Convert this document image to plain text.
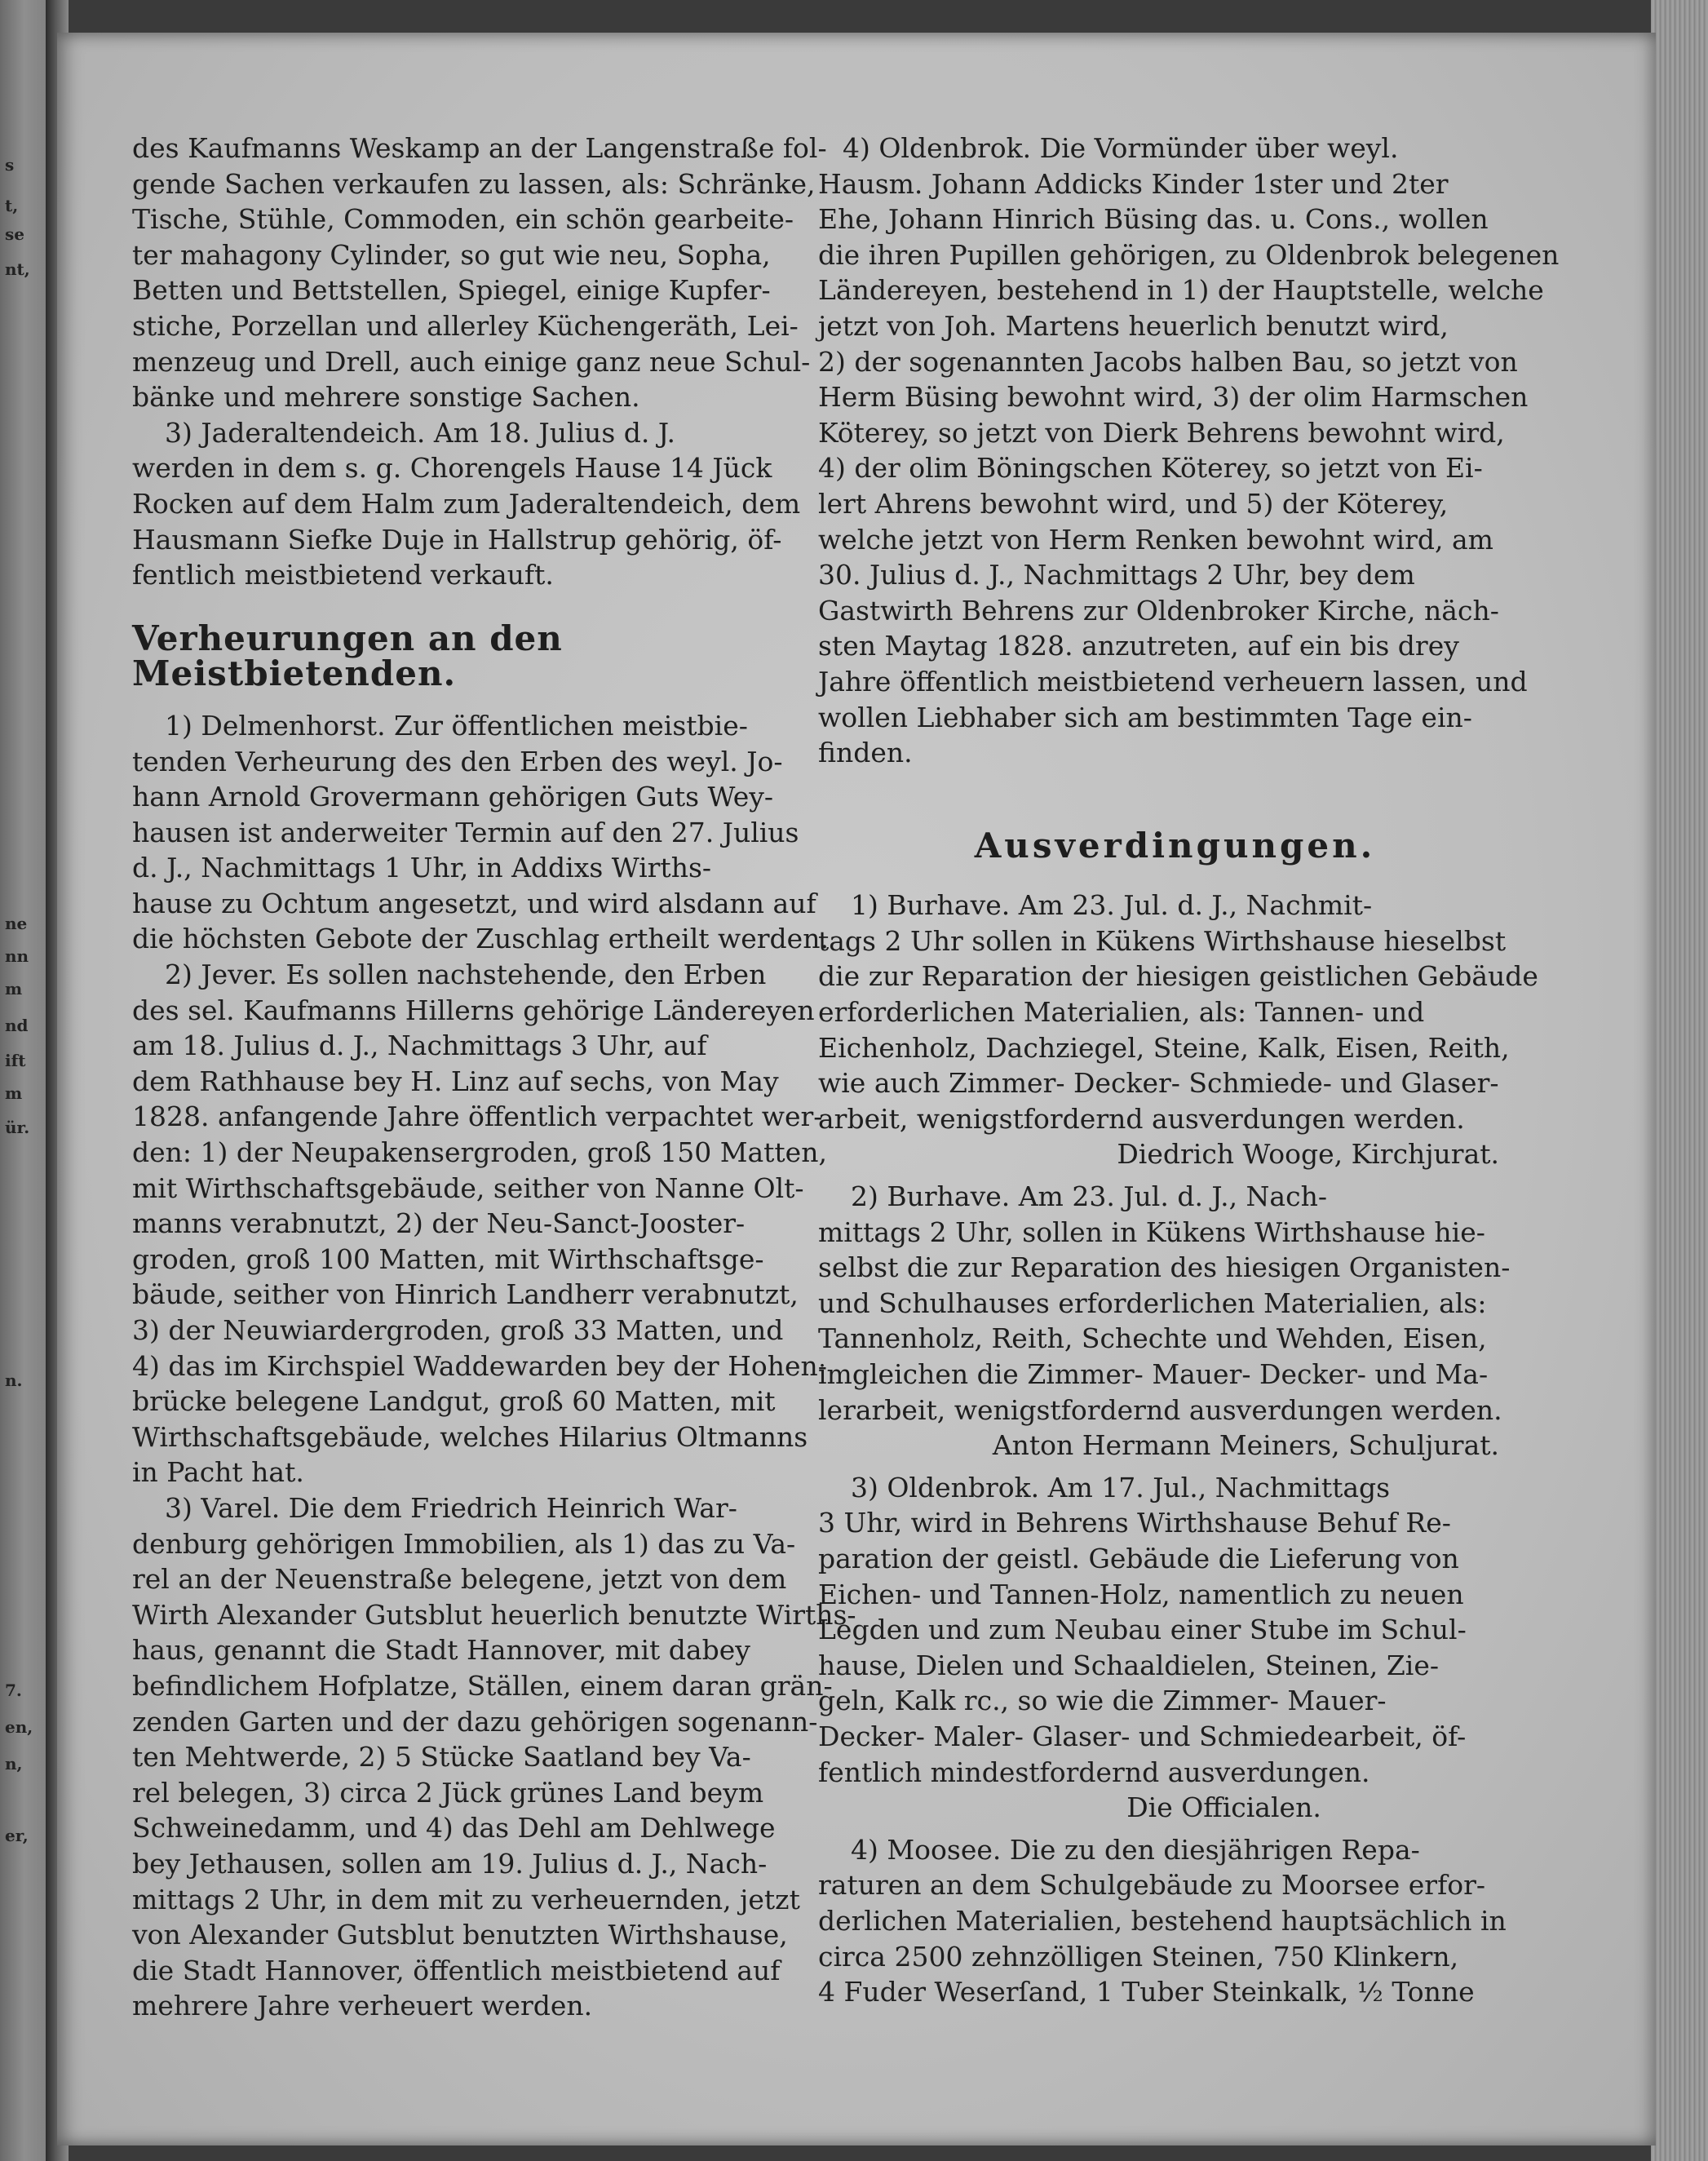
s
t,
se
nt,
ne
nn
m
nd
ift
m
ür.
n.
7.
en,
n,
er,

des Kaufmanns Weskamp an der Langenstraße fol-
gende Sachen verkaufen zu lassen, als: Schränke,
Tische, Stühle, Commoden, ein schön gearbeite-
ter mahagony Cylinder, so gut wie neu, Sopha,
Betten und Bettstellen, Spiegel, einige Kupfer-
stiche, Porzellan und allerley Küchengeräth, Lei-
menzeug und Drell, auch einige ganz neue Schul-
bänke und mehrere sonstige Sachen.

3) Jaderaltendeich. Am 18. Julius d. J.
werden in dem s. g. Chorengels Hause 14 Jück
Rocken auf dem Halm zum Jaderaltendeich, dem
Hausmann Siefke Duje in Hallstrup gehörig, öf-
fentlich meistbietend verkauft.

Verheurungen an den Meistbietenden.

1) Delmenhorst. Zur öffentlichen meistbie-
tenden Verheurung des den Erben des weyl. Jo-
hann Arnold Grovermann gehörigen Guts Wey-
hausen ist anderweiter Termin auf den 27. Julius
d. J., Nachmittags 1 Uhr, in Addixs Wirths-
hause zu Ochtum angesetzt, und wird alsdann auf
die höchsten Gebote der Zuschlag ertheilt werden.

2) Jever. Es sollen nachstehende, den Erben
des sel. Kaufmanns Hillerns gehörige Ländereyen
am 18. Julius d. J., Nachmittags 3 Uhr, auf
dem Rathhause bey H. Linz auf sechs, von May
1828. anfangende Jahre öffentlich verpachtet wer-
den: 1) der Neupakensergroden, groß 150 Matten,
mit Wirthschaftsgebäude, seither von Nanne Olt-
manns verabnutzt, 2) der Neu-Sanct-Jooster-
groden, groß 100 Matten, mit Wirthschaftsge-
bäude, seither von Hinrich Landherr verabnutzt,
3) der Neuwiardergroden, groß 33 Matten, und
4) das im Kirchspiel Waddewarden bey der Hohen-
brücke belegene Landgut, groß 60 Matten, mit
Wirthschaftsgebäude, welches Hilarius Oltmanns
in Pacht hat.

3) Varel. Die dem Friedrich Heinrich War-
denburg gehörigen Immobilien, als 1) das zu Va-
rel an der Neuenstraße belegene, jetzt von dem
Wirth Alexander Gutsblut heuerlich benutzte Wirths-
haus, genannt die Stadt Hannover, mit dabey
befindlichem Hofplatze, Ställen, einem daran grän-
zenden Garten und der dazu gehörigen sogenann-
ten Mehtwerde, 2) 5 Stücke Saatland bey Va-
rel belegen, 3) circa 2 Jück grünes Land beym
Schweinedamm, und 4) das Dehl am Dehlwege
bey Jethausen, sollen am 19. Julius d. J., Nach-
mittags 2 Uhr, in dem mit zu verheuernden, jetzt
von Alexander Gutsblut benutzten Wirthshause,
die Stadt Hannover, öffentlich meistbietend auf
mehrere Jahre verheuert werden.

4) Oldenbrok. Die Vormünder über weyl.
Hausm. Johann Addicks Kinder 1ster und 2ter
Ehe, Johann Hinrich Büsing das. u. Cons., wollen
die ihren Pupillen gehörigen, zu Oldenbrok belegenen
Ländereyen, bestehend in 1) der Hauptstelle, welche
jetzt von Joh. Martens heuerlich benutzt wird,
2) der sogenannten Jacobs halben Bau, so jetzt von
Herm Büsing bewohnt wird, 3) der olim Harmschen
Köterey, so jetzt von Dierk Behrens bewohnt wird,
4) der olim Böningschen Köterey, so jetzt von Ei-
lert Ahrens bewohnt wird, und 5) der Köterey,
welche jetzt von Herm Renken bewohnt wird, am
30. Julius d. J., Nachmittags 2 Uhr, bey dem
Gastwirth Behrens zur Oldenbroker Kirche, näch-
sten Maytag 1828. anzutreten, auf ein bis drey
Jahre öffentlich meistbietend verheuern lassen, und
wollen Liebhaber sich am bestimmten Tage ein-
finden.

Ausverdingungen.

1) Burhave. Am 23. Jul. d. J., Nachmit-
tags 2 Uhr sollen in Kükens Wirthshause hieselbst
die zur Reparation der hiesigen geistlichen Gebäude
erforderlichen Materialien, als: Tannen- und
Eichenholz, Dachziegel, Steine, Kalk, Eisen, Reith,
wie auch Zimmer- Decker- Schmiede- und Glaser-
arbeit, wenigstfordernd ausverdungen werden.
Diedrich Wooge, Kirchjurat.

2) Burhave. Am 23. Jul. d. J., Nach-
mittags 2 Uhr, sollen in Kükens Wirthshause hie-
selbst die zur Reparation des hiesigen Organisten-
und Schulhauses erforderlichen Materialien, als:
Tannenholz, Reith, Schechte und Wehden, Eisen,
imgleichen die Zimmer- Mauer- Decker- und Ma-
lerarbeit, wenigstfordernd ausverdungen werden.
Anton Hermann Meiners, Schuljurat.

3) Oldenbrok. Am 17. Jul., Nachmittags
3 Uhr, wird in Behrens Wirthshause Behuf Re-
paration der geistl. Gebäude die Lieferung von
Eichen- und Tannen-Holz, namentlich zu neuen
Legden und zum Neubau einer Stube im Schul-
hause, Dielen und Schaaldielen, Steinen, Zie-
geln, Kalk rc., so wie die Zimmer- Mauer-
Decker- Maler- Glaser- und Schmiedearbeit, öf-
fentlich mindestfordernd ausverdungen.
Die Officialen.

4) Moosee. Die zu den diesjährigen Repa-
raturen an dem Schulgebäude zu Moorsee erfor-
derlichen Materialien, bestehend hauptsächlich in
circa 2500 zehnzölligen Steinen, 750 Klinkern,
4 Fuder Weserſand, 1 Tuber Steinkalk, ½ Tonne
